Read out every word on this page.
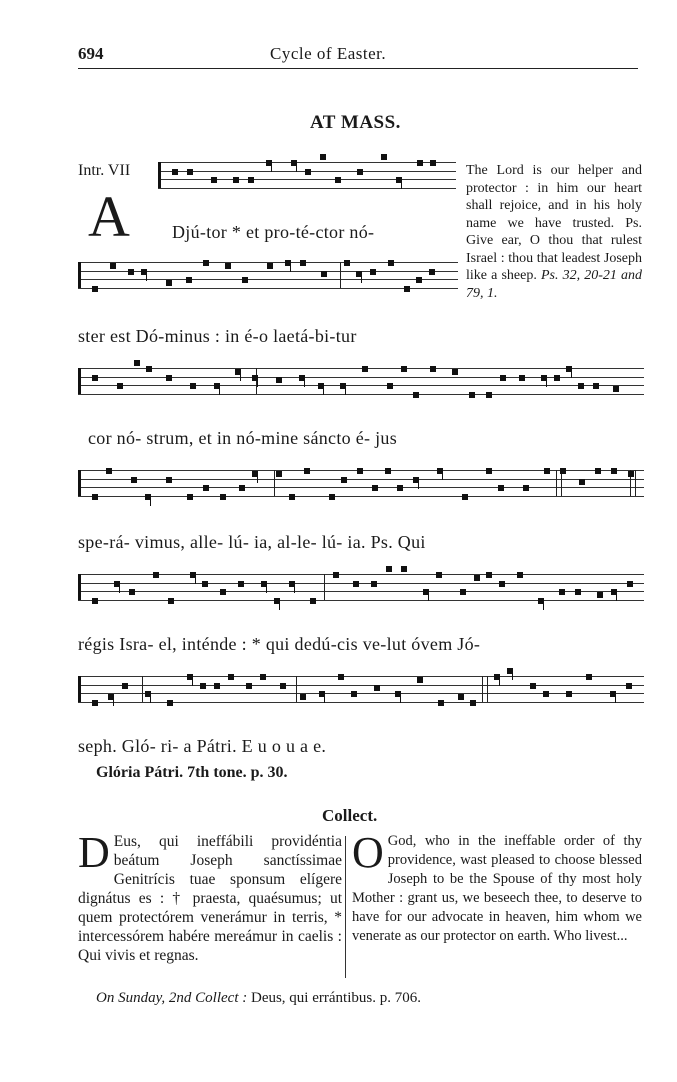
694	Cycle of Easter.
AT MASS.
Intr. VII
A Djú-tor * et pro-té-ctor nó-
ster est Dó-minus : in é-o laetá-bi-tur
cor nó- strum, et in nó-mine sáncto é- jus
spe-rá- vimus, alle- lú- ia, al-le- lú- ia. Ps. Qui
régis Isra- el, inténde : * qui dedú-cis ve-lut óvem Jó-
seph. Gló- ri- a Pátri. E u o u a e.
The Lord is our helper and protector : in him our heart shall rejoice, and in his holy name we have trusted. Ps. Give ear, O thou that rulest Israel : thou that leadest Joseph like a sheep. Ps. 32, 20-21 and 79, 1.
Glória Pátri. 7th tone. p. 30.
Collect.
D Eus, qui ineffábili providéntia beátum Joseph sanctíssimae Genitrícis tuae sponsum elígere dignátus es : † praesta, quaésumus; ut quem protectórem venerámur in terris, * intercessórem habére mereámur in caelis : Qui vivis et regnas.
O God, who in the ineffable order of thy providence, wast pleased to choose blessed Joseph to be the Spouse of thy most holy Mother : grant us, we beseech thee, to deserve to have for our advocate in heaven, him whom we venerate as our protector on earth. Who livest...
On Sunday, 2nd Collect : Deus, qui errántibus. p. 706.
